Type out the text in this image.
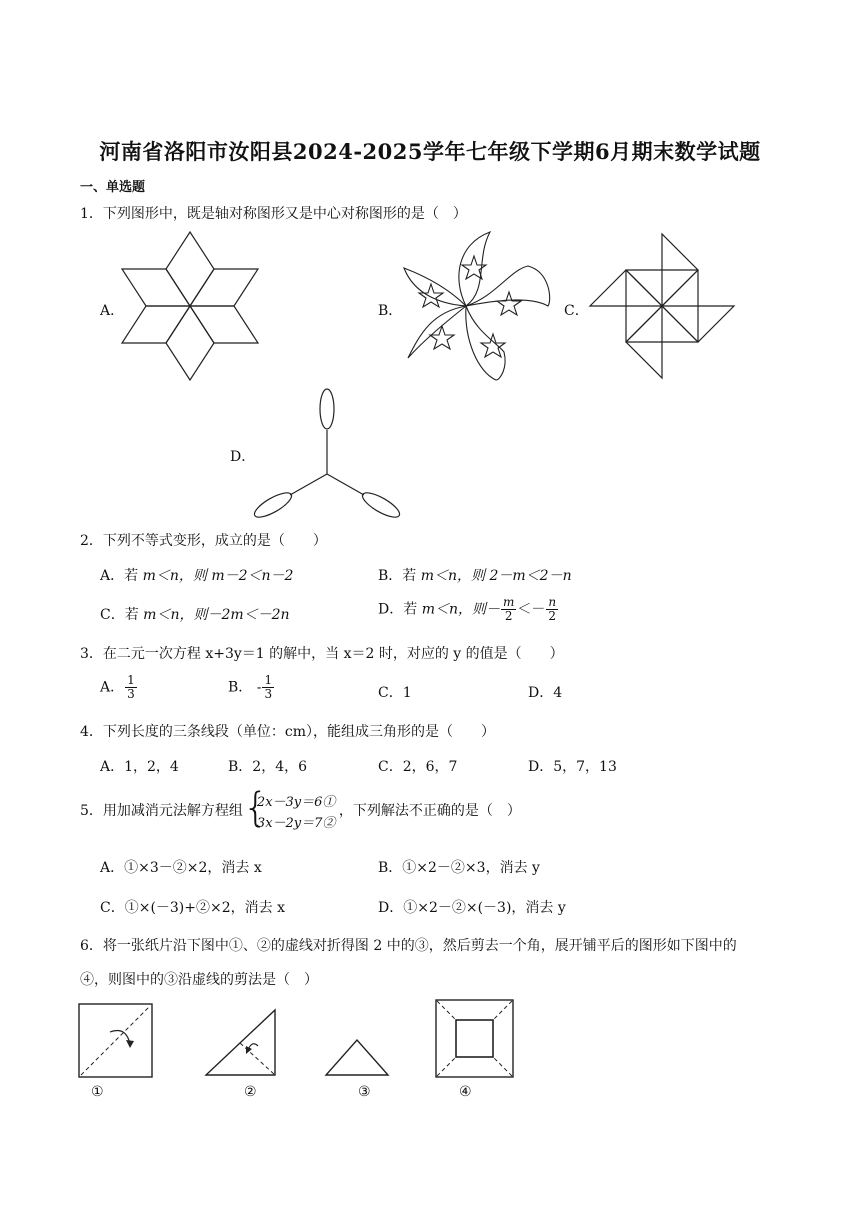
河南省洛阳市汝阳县2024-2025学年七年级下学期6月期末数学试题
一、单选题
1．下列图形中，既是轴对称图形又是中心对称图形的是（　）
A．	B．	C．
D．
2．下列不等式变形，成立的是（　　）
A．若 m＜n，则 m－2＜n－2	B．若 m＜n，则 2－m＜2－n
C．若 m＜n，则－2m＜－2n	D．若 m＜n，则－ $\frac{m}{2} <- \frac{n}{2}$
3．在二元一次方程 x+3y＝1 的解中，当 x＝2 时，对应的 y 的值是（　　）
A． $\frac{1}{3}$	B． - $\frac{1}{3}$	C．1	D．4
4．下列长度的三条线段（单位：cm），能组成三角形的是（　　）
A．1，2，4	B．2，4，6	C．2，6，7	D．5，7，13
5．用加减消元法解方程组 {
2x－3y＝6①
3x－2y＝7②
，下列解法不正确的是（　）
A．①×3－②×2，消去 x	B．①×2－②×3，消去 y
C．①×(－3)+②×2，消去 x	D．①×2－②×(－3)，消去 y
6．将一张纸片沿下图中①、②的虚线对折得图 2 中的③，然后剪去一个角，展开铺平后的图形如下图中的
④，则图中的③沿虚线的剪法是（　）
①	②	③	④
